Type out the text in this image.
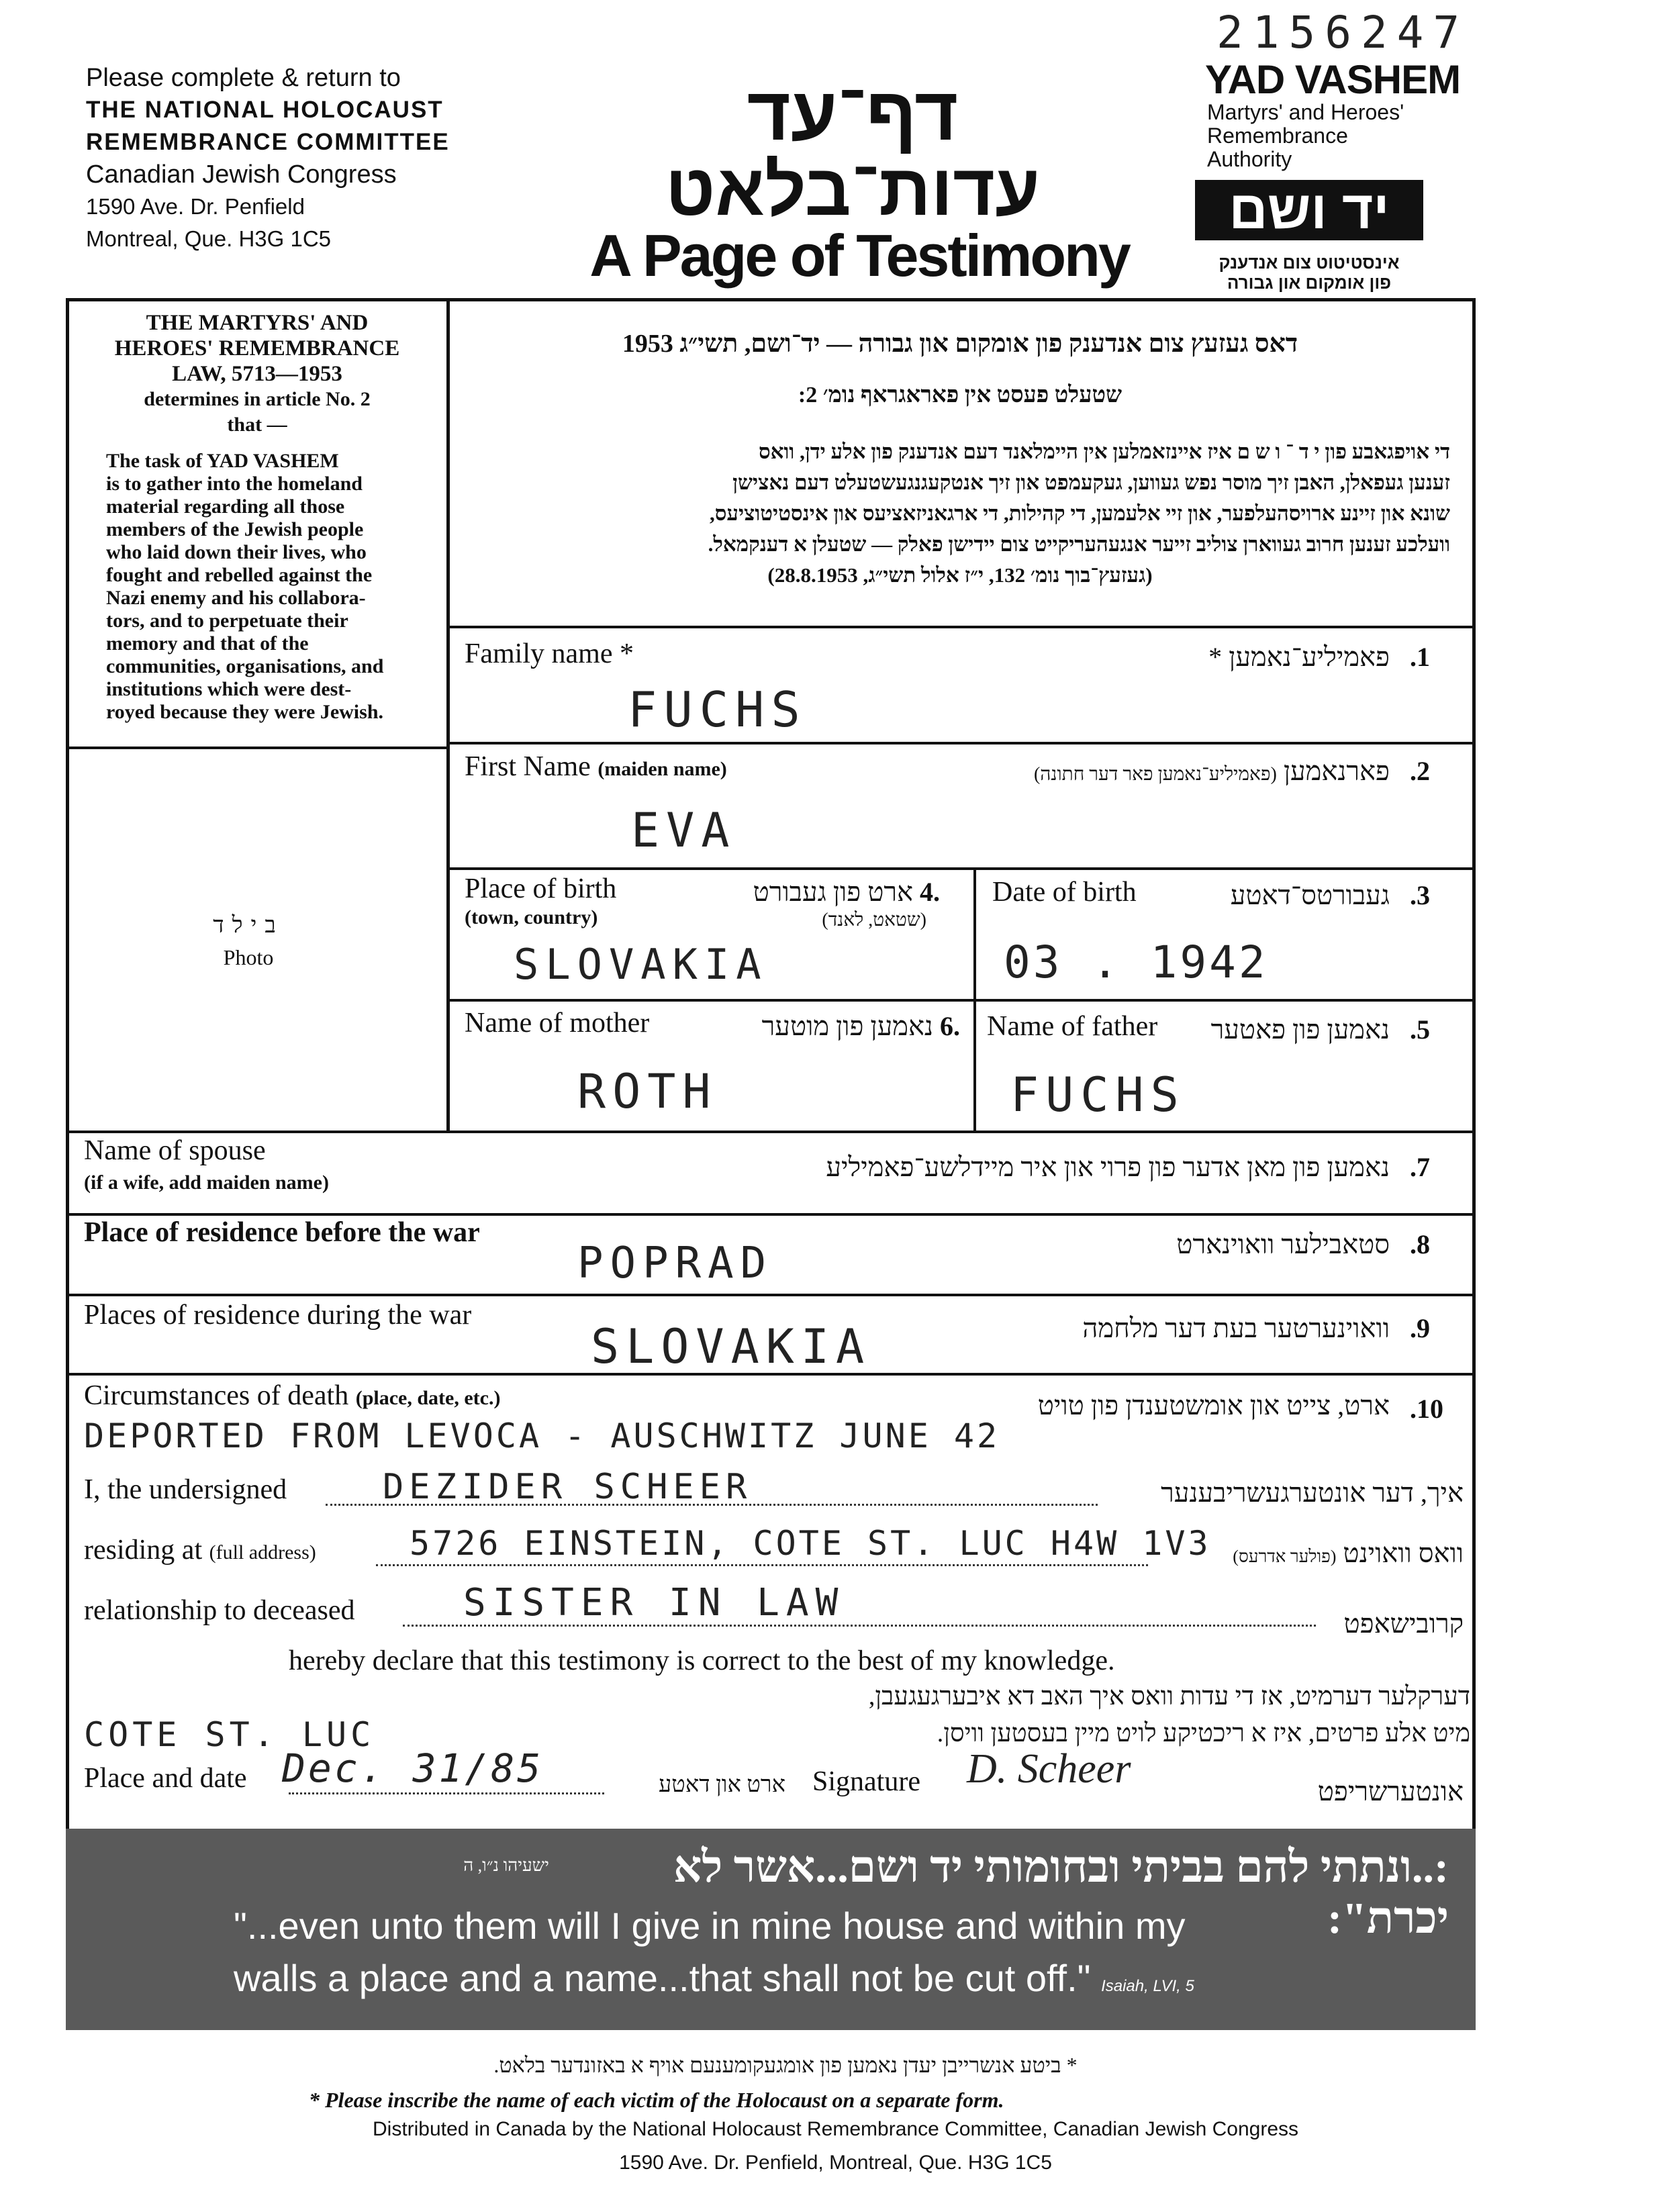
2156247
Please complete & return to
THE NATIONAL HOLOCAUST
REMEMBRANCE COMMITTEE
Canadian Jewish Congress
1590 Ave. Dr. Penfield
Montreal, Que. H3G 1C5
דף־עד
עדות־בלאט
A Page of Testimony
YAD VASHEM
Martyrs' and Heroes'
Remembrance
Authority
יד ושם
אינסטיטוט צום אנדענק
פון אומקום און גבורה
THE MARTYRS' AND
HEROES' REMEMBRANCE
LAW, 5713—1953
determines in article No. 2
that —
The task of YAD VASHEM
is to gather into the homeland
material regarding all those
members of the Jewish people
who laid down their lives, who
fought and rebelled against the
Nazi enemy and his collabora-
tors, and to perpetuate their
memory and that of the
communities, organisations, and
institutions which were dest-
royed because they were Jewish.
בילד
Photo
דאס געזעץ צום אנדענק פון אומקום און גבורה — יד־ושם, תשי״ג 1953
שטעלט פעסט אין פאראגראף נומ׳ 2:
די אויפגאבע פון י ד ־ ו ש ם איז איינזאמלען אין היימלאנד דעם אנדענק פון אלע ידן, וואס
זענען געפאלן, האבן זיך מוסר נפש געווען, געקעמפט און זיך אנטקעגנגעשטעלט דעם נאצישן
שונא און זיינע ארויסהעלפער, און זיי אלעמען, די קהילות, די ארגאניזאציעס און אינסטיטוציעס,
וועלכע זענען חרוב געווארן צוליב זייער אנגעהעריקייט צום יידישן פאלק — שטעלן א דענקמאל.
(געזעץ־בוך נומ׳ 132, י״ז אלול תשי״ג, 28.8.1953)
Family name *	פאמיליע־נאמען * .1
FUCHS
First Name (maiden name)	פארנאמען (פאמיליע־נאמען פאר דער חתונה)	.2
EVA
Place of birth
(town, country)
.4 ארט פון געבורט
(שטאט, לאנד)
SLOVAKIA
Date of birth	געבורטס־דאטע .3
03 . 1942
Name of mother	.6 נאמען פון מוטער
ROTH
Name of father	נאמען פון פאטער .5
FUCHS
Name of spouse
(if a wife, add maiden name)
נאמען פון מאן אדער פון פרוי און איר מיידלשע־פאמיליע .7
Place of residence before the war	סטאבילער וואוינארט .8
POPRAD
Places of residence during the war	וואוינערטער בעת דער מלחמה .9
SLOVAKIA
Circumstances of death (place, date, etc.)	ארט, צייט און אומשטענדן פון טויט .10
DEPORTED FROM LEVOCA - AUSCHWITZ JUNE 42
I, the undersigned	DEZIDER SCHEER	איך, דער אונטערגעשריבענער
residing at (full address)	5726 EINSTEIN, COTE ST. LUC H4W 1V3	וואס וואוינט (פולער אדרעס)
relationship to deceased	SISTER IN LAW	קרובישאפט
hereby declare that this testimony is correct to the best of my knowledge.
דערקלער דערמיט, אז די עדות וואס איך האב דא איבערגעגעבן,
מיט אלע פרטים, איז א ריכטיקע לויט מיין בעסטען וויסן.
COTE ST. LUC
Place and date Dec. 31/85	ארט און דאטע Signature D. Scheer	אונטערשריפט
:..ונתתי להם בביתי ובחומותי יד ושם...אשר לא יכרת":
ישעיהו נ״ו, ה
"...even unto them will I give in mine house and within my
walls a place and a name...that shall not be cut off." Isaiah, LVI, 5
* ביטע אנשרייבן יעדן נאמען פון אומגעקומענעם אויף א באזונדער בלאט.
* Please inscribe the name of each victim of the Holocaust on a separate form.
Distributed in Canada by the National Holocaust Remembrance Committee, Canadian Jewish Congress
1590 Ave. Dr. Penfield, Montreal, Que. H3G 1C5
